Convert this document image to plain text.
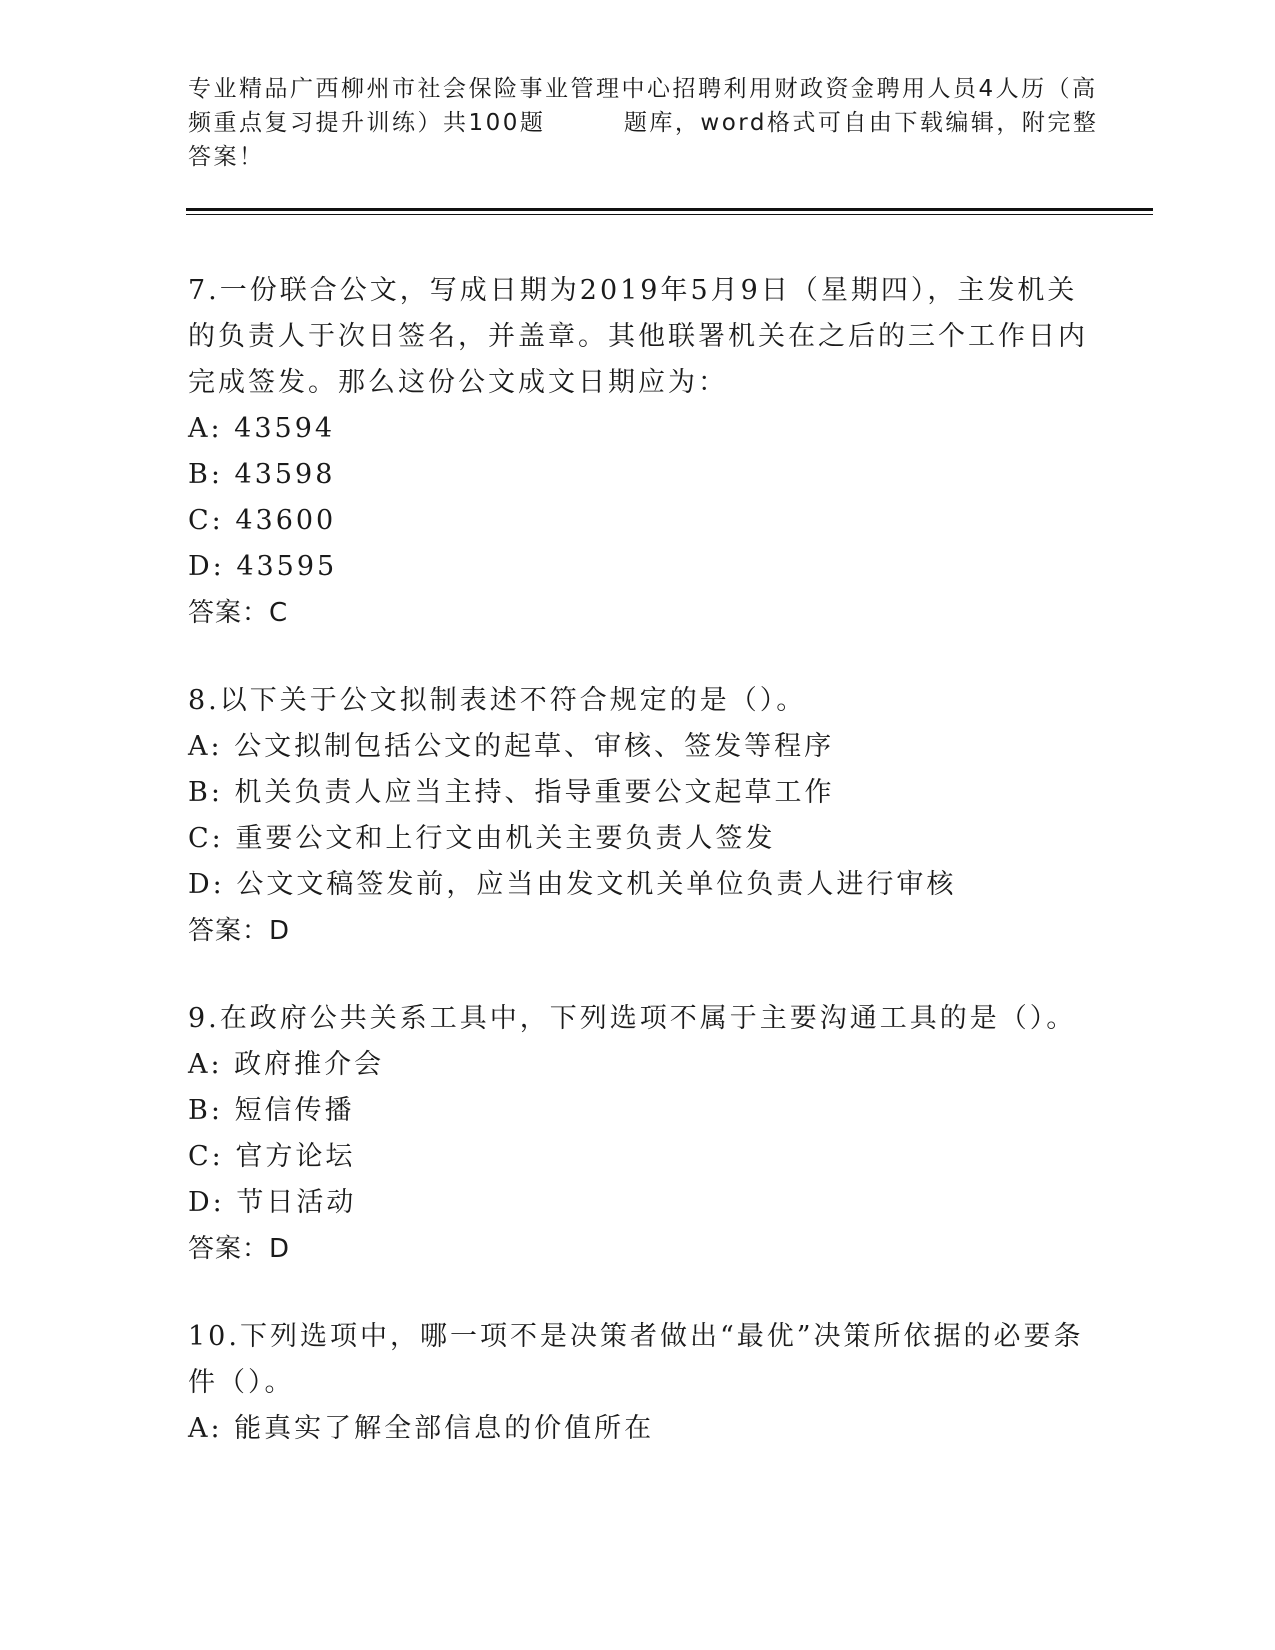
专业精品广西柳州市社会保险事业管理中心招聘利用财政资金聘用人员4人历（高
频重点复习提升训练）共100题        题库，word格式可自由下载编辑，附完整
答案！
7.一份联合公文，写成日期为2019年5月9日（星期四），主发机关
的负责人于次日签名，并盖章。其他联署机关在之后的三个工作日内
完成签发。那么这份公文成文日期应为：
A: 43594
B: 43598
C: 43600
D: 43595
答案：C
8.以下关于公文拟制表述不符合规定的是（）。
A: 公文拟制包括公文的起草、审核、签发等程序
B: 机关负责人应当主持、指导重要公文起草工作
C: 重要公文和上行文由机关主要负责人签发
D: 公文文稿签发前，应当由发文机关单位负责人进行审核
答案：D
9.在政府公共关系工具中，下列选项不属于主要沟通工具的是（）。
A: 政府推介会
B: 短信传播
C: 官方论坛
D: 节日活动
答案：D
10.下列选项中，哪一项不是决策者做出“最优”决策所依据的必要条
件（）。
A: 能真实了解全部信息的价值所在
